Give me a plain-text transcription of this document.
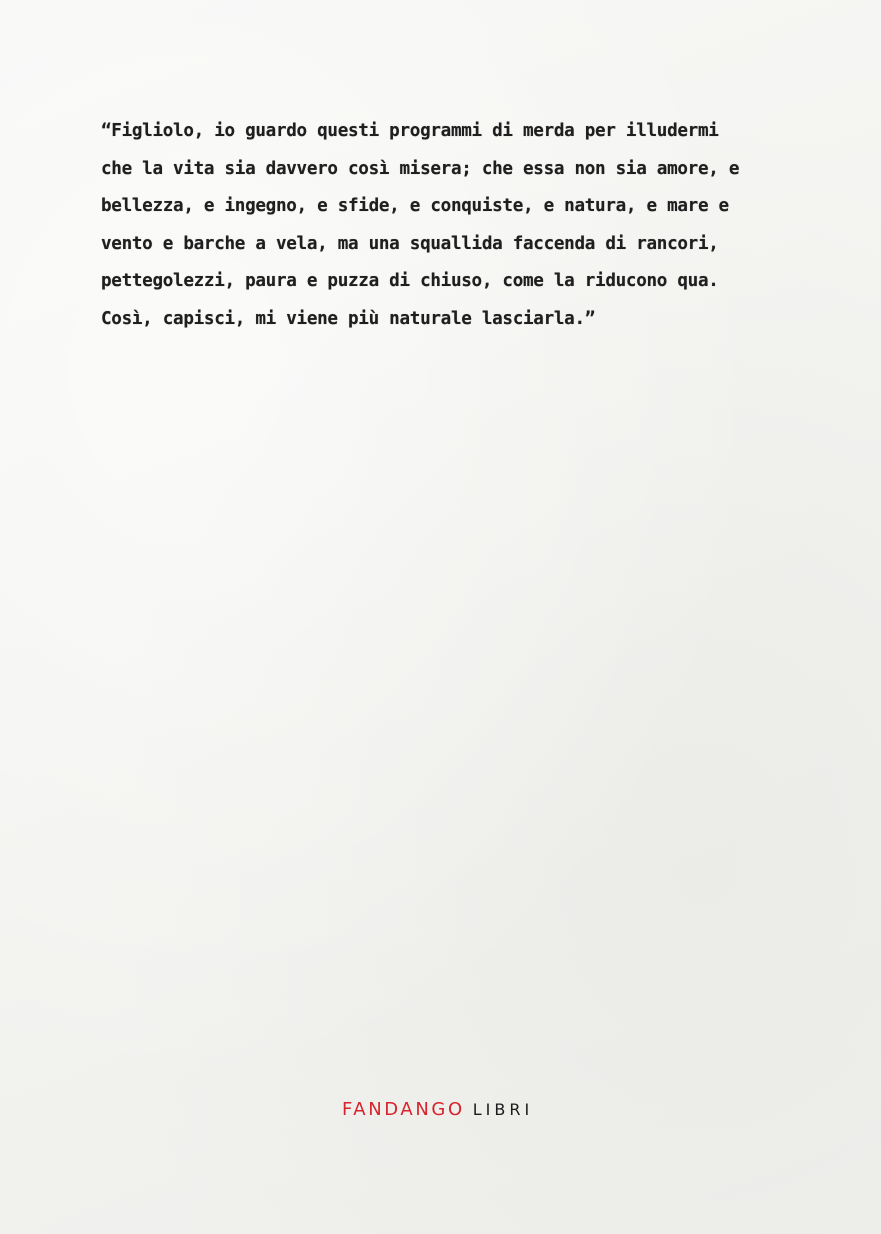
“Figliolo, io guardo questi programmi di merda per illudermi
che la vita sia davvero così misera; che essa non sia amore, e
bellezza, e ingegno, e sfide, e conquiste, e natura, e mare e
vento e barche a vela, ma una squallida faccenda di rancori,
pettegolezzi, paura e puzza di chiuso, come la riducono qua.
Così, capisci, mi viene più naturale lasciarla.”

FANDANGO LIBRI
